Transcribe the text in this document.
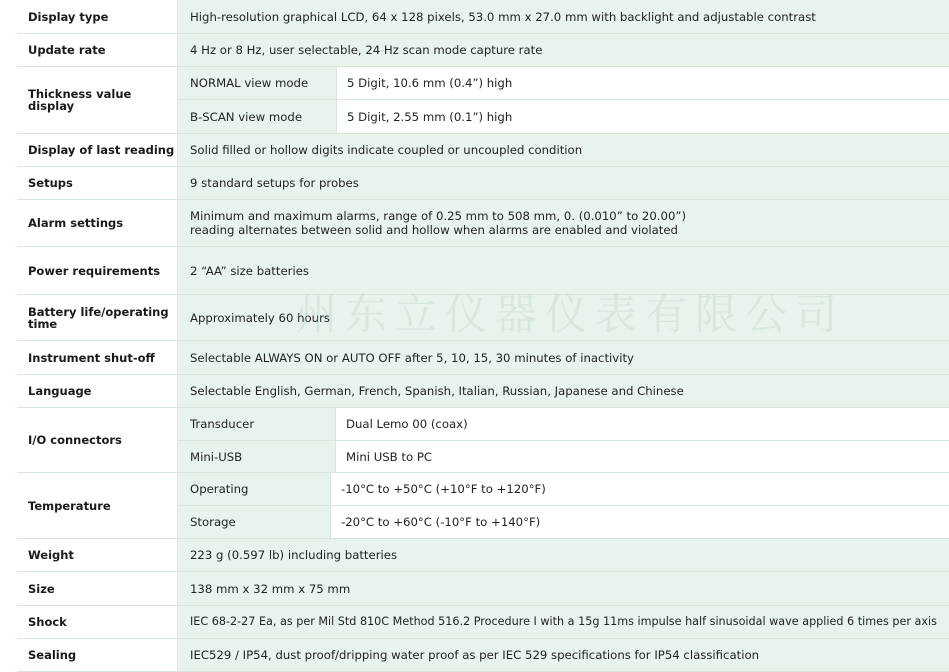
Display type	High-resolution graphical LCD, 64 x 128 pixels, 53.0 mm x 27.0 mm with backlight and adjustable contrast
Update rate	4 Hz or 8 Hz, user selectable, 24 Hz scan mode capture rate
Thickness value display
NORMAL view mode	5 Digit, 10.6 mm (0.4”) high
B-SCAN view mode	5 Digit, 2.55 mm (0.1”) high
Display of last reading	Solid filled or hollow digits indicate coupled or uncoupled condition
Setups	9 standard setups for probes
Alarm settings	Minimum and maximum alarms, range of 0.25 mm to 508 mm, 0. (0.010” to 20.00”)
reading alternates between solid and hollow when alarms are enabled and violated
Power requirements	2 “AA” size batteries
Battery life/operating time	Approximately 60 hours
Instrument shut-off	Selectable ALWAYS ON or AUTO OFF after 5, 10, 15, 30 minutes of inactivity
Language	Selectable English, German, French, Spanish, Italian, Russian, Japanese and Chinese
I/O connectors
Transducer	Dual Lemo 00 (coax)
Mini-USB	Mini USB to PC
Temperature
Operating	-10°C to +50°C (+10°F to +120°F)
Storage	-20°C to +60°C (-10°F to +140°F)
Weight	223 g (0.597 lb) including batteries
Size	138 mm x 32 mm x 75 mm
Shock	IEC 68-2-27 Ea, as per Mil Std 810C Method 516.2 Procedure I with a 15g 11ms impulse half sinusoidal wave applied 6 times per axis
Sealing	IEC529 / IP54, dust proof/dripping water proof as per IEC 529 specifications for IP54 classification
州东立仪器仪表有限公司
